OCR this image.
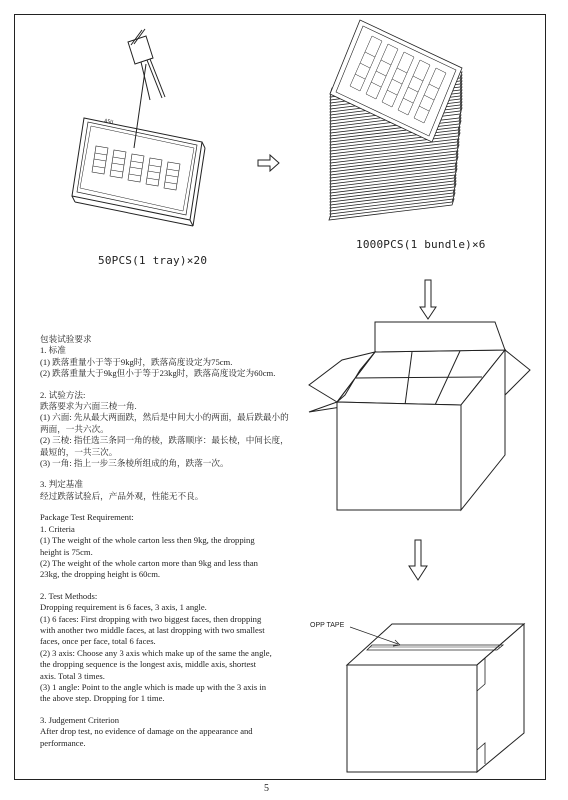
ASU
50PCS(1 tray)×20
1000PCS(1 bundle)×6
OPP TAPE

包装试验要求

1. 标准

(1) 跌落重量小于等于9kg时，跌落高度设定为75cm.

(2) 跌落重量大于9kg但小于等于23kg时，跌落高度设定为60cm.

2. 试验方法:

跌落要求为六面三棱一角.

(1) 六面: 先从最大两面跌，然后是中间大小的两面，最后跌最小的

两面，一共六次。

(2) 三棱: 指任选三条同一角的棱，跌落顺序：最长棱，中间长度，

最短的，一共三次。

(3) 一角: 指上一步三条棱所组成的角，跌落一次。

3. 判定基准

经过跌落试验后，产品外观，性能无不良。

Package Test Requirement:

1. Criteria

(1) The weight of the whole carton less then 9kg, the dropping

height is 75cm.

(2) The weight of the whole carton more than 9kg and less than

23kg, the dropping height is 60cm.

2. Test Methods:

Dropping requirement is 6 faces, 3 axis, 1 angle.

(1) 6 faces: First dropping with two biggest faces, then dropping

with another two middle faces, at last dropping with two smallest

faces, once per face, total 6 faces.

(2) 3 axis: Choose any 3 axis which make up of the same the angle,

the dropping sequence is the longest axis, middle axis, shortest

axis. Total 3 times.

(3) 1 angle: Point to the angle which is made up with the 3 axis in

the above step. Dropping for 1 time.

3. Judgement Criterion

After drop test, no evidence of damage on the appearance and

performance.

5
